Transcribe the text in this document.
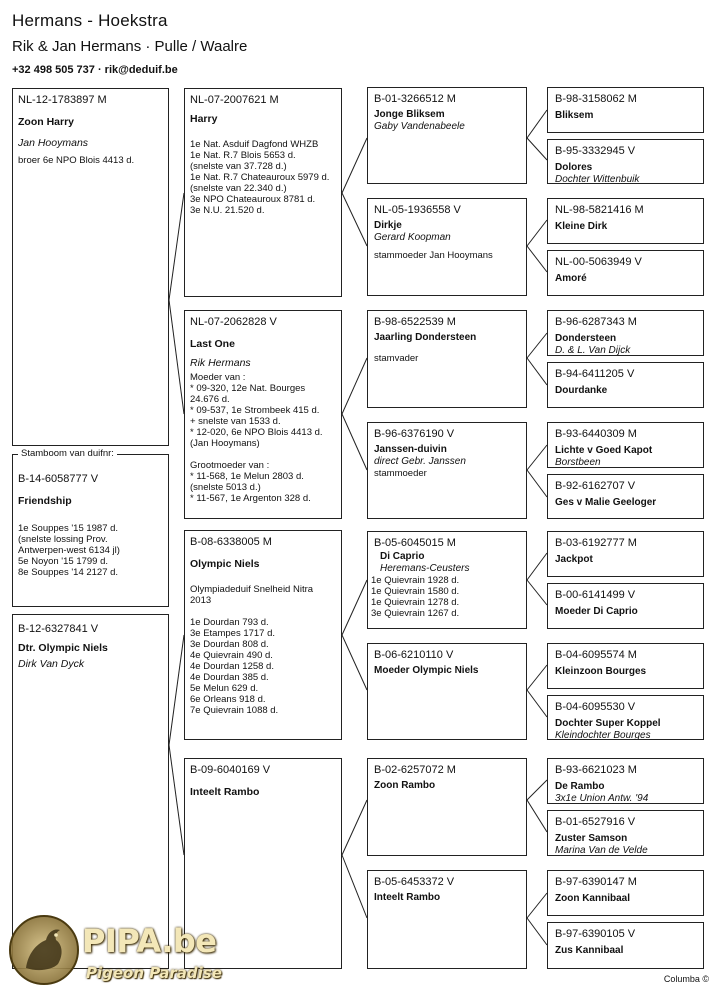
Hermans - Hoekstra
Rik & Jan Hermans · Pulle / Waalre
+32 498 505 737 · rik@deduif.be
NL-12-1783897 M
Zoon Harry
Jan Hooymans
broer 6e NPO Blois 4413 d.
B-14-6058777 V
Friendship
1e Souppes '15 1987 d.
(snelste lossing Prov.
Antwerpen-west 6134 jl)
5e Noyon '15 1799 d.
8e Souppes '14 2127 d.
Stamboom van duifnr:
B-12-6327841 V
Dtr. Olympic Niels
Dirk Van Dyck
NL-07-2007621 M
Harry
1e Nat. Asduif Dagfond WHZB
1e Nat. R.7 Blois 5653 d.
(snelste van 37.728 d.)
1e Nat. R.7 Chateauroux 5979 d.
(snelste van 22.340 d.)
3e NPO Chateauroux 8781 d.
3e N.U. 21.520 d.
NL-07-2062828 V
Last One
Rik Hermans
Moeder van :
* 09-320, 12e Nat. Bourges 24.676 d.
* 09-537, 1e Strombeek 415 d.
+ snelste van 1533 d.
* 12-020, 6e NPO Blois 4413 d.
(Jan Hooymans)

Grootmoeder van :
* 11-568, 1e Melun 2803 d.
(snelste 5013 d.)
* 11-567, 1e Argenton 328 d.
B-08-6338005 M
Olympic Niels
Olympiadeduif Snelheid Nitra 2013

1e Dourdan 793 d.
3e Etampes 1717 d.
3e Dourdan 808 d.
4e Quievrain 490 d.
4e Dourdan 1258 d.
4e Dourdan 385 d.
5e Melun 629 d.
6e Orleans 918 d.
7e Quievrain 1088 d.
B-09-6040169 V
Inteelt Rambo
B-01-3266512 M
Jonge Bliksem
Gaby Vandenabeele
NL-05-1936558 V
Dirkje
Gerard Koopman
stammoeder Jan Hooymans
B-98-6522539 M
Jaarling Dondersteen
stamvader
B-96-6376190 V
Janssen-duivin
direct Gebr. Janssen
stammoeder
B-05-6045015 M
Di Caprio
Heremans-Ceusters
1e Quievrain 1928 d.
1e Quievrain 1580 d.
1e Quievrain 1278 d.
3e Quievrain 1267 d.
B-06-6210110 V
Moeder Olympic Niels
B-02-6257072 M
Zoon Rambo
B-05-6453372 V
Inteelt Rambo
B-98-3158062 M
Bliksem
B-95-3332945 V
Dolores
Dochter Wittenbuik
NL-98-5821416 M
Kleine Dirk
NL-00-5063949 V
Amoré
B-96-6287343 M
Dondersteen
D. & L. Van Dijck
B-94-6411205 V
Dourdanke
B-93-6440309 M
Lichte v Goed Kapot
Borstbeen
B-92-6162707 V
Ges v Malie Geeloger
B-03-6192777 M
Jackpot
B-00-6141499 V
Moeder Di Caprio
B-04-6095574 M
Kleinzoon Bourges
B-04-6095530 V
Dochter Super Koppel
Kleindochter Bourges
B-93-6621023 M
De Rambo
3x1e Union Antw. '94
B-01-6527916 V
Zuster Samson
Marina Van de Velde
B-97-6390147 M
Zoon Kannibaal
B-97-6390105 V
Zus Kannibaal
PIPA.be
Pigeon Paradise	Columba ©
